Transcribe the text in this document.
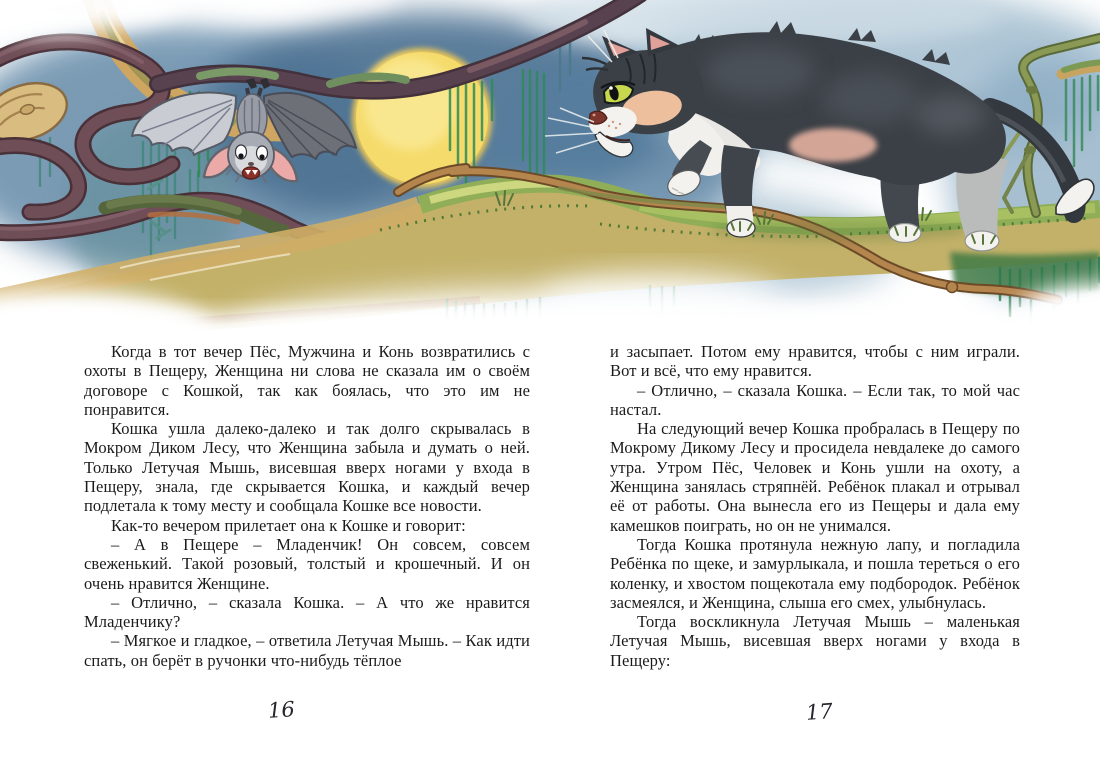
Когда в тот вечер Пёс, Мужчина и Конь возвратились с охоты в Пещеру, Женщина ни слова не сказала им о своём договоре с Кошкой, так как боялась, что это им не понравится.

Кошка ушла далеко-далеко и так долго скрывалась в Мокром Диком Лесу, что Женщина забыла и думать о ней. Только Летучая Мышь, висевшая вверх ногами у входа в Пещеру, знала, где скрывается Кошка, и каждый вечер подлетала к тому месту и сообщала Кошке все новости.

Как-то вечером прилетает она к Кошке и говорит:

– А в Пещере – Младенчик! Он совсем, совсем свеженький. Такой розовый, толстый и крошечный. И он очень нравится Женщине.

– Отлично, – сказала Кошка. – А что же нравится Младенчику?

– Мягкое и гладкое, – ответила Летучая Мышь. – Как идти спать, он берёт в ручонки что-нибудь тёплое

и засыпает. Потом ему нравится, чтобы с ним играли. Вот и всё, что ему нравится.

– Отлично, – сказала Кошка. – Если так, то мой час настал.

На следующий вечер Кошка пробралась в Пещеру по Мокрому Дикому Лесу и просидела невдалеке до самого утра. Утром Пёс, Человек и Конь ушли на охоту, а Женщина занялась стряпнёй. Ребёнок плакал и отрывал её от работы. Она вынесла его из Пещеры и дала ему камешков поиграть, но он не унимался.

Тогда Кошка протянула нежную лапу, и погладила Ребёнка по щеке, и замурлыкала, и пошла тереться о его коленку, и хвостом пощекотала ему подбородок. Ребёнок засмеялся, и Женщина, слыша его смех, улыбнулась.

Тогда воскликнула Летучая Мышь – маленькая Летучая Мышь, висевшая вверх ногами у входа в Пещеру:

16	17
